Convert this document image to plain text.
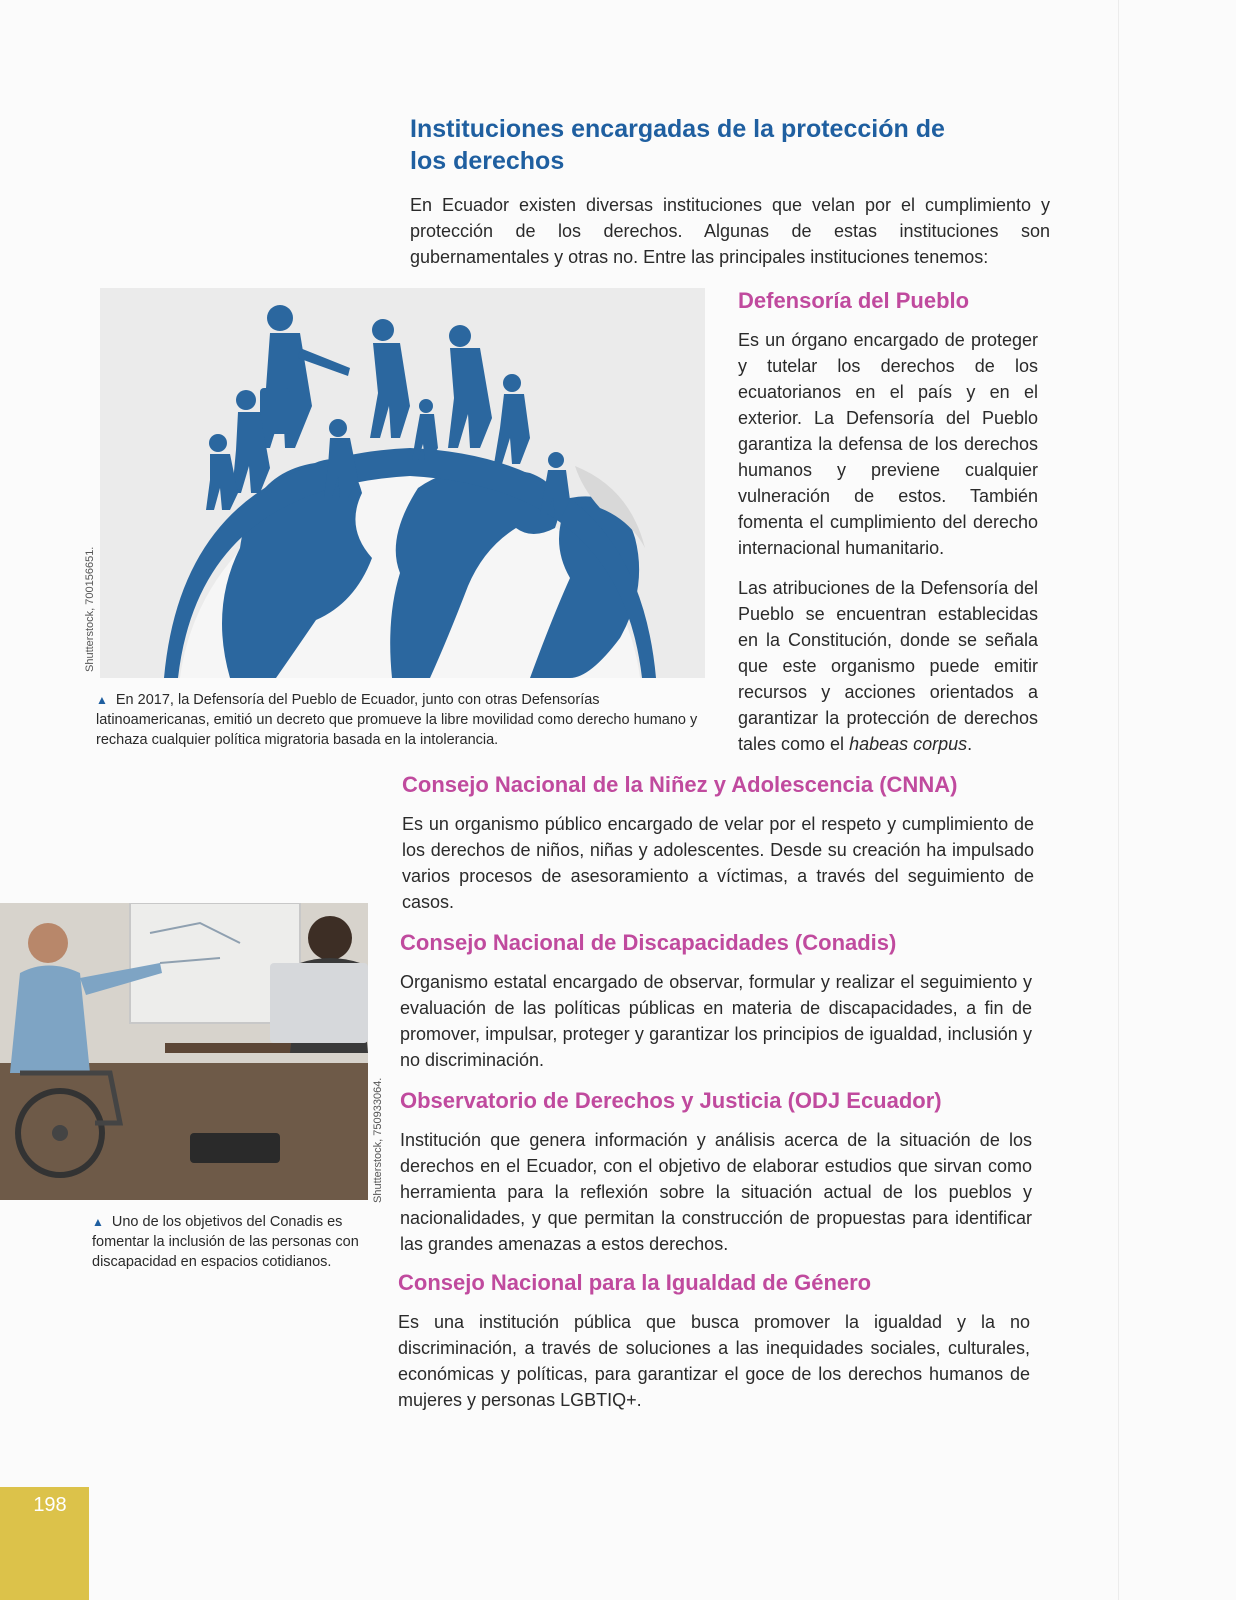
Instituciones encargadas de la protección de los derechos

En Ecuador existen diversas instituciones que velan por el cumplimiento y protección de los derechos. Algunas de estas instituciones son gubernamentales y otras no. Entre las principales instituciones tenemos:

Shutterstock, 700156651.

▲ En 2017, la Defensoría del Pueblo de Ecuador, junto con otras Defensorías latinoamericanas, emitió un decreto que promueve la libre movilidad como derecho humano y rechaza cualquier política migratoria basada en la intolerancia.

Defensoría del Pueblo

Es un órgano encargado de proteger y tutelar los derechos de los ecuatorianos en el país y en el exterior. La Defensoría del Pueblo garantiza la defensa de los derechos humanos y previene cualquier vulneración de estos. También fomenta el cumplimiento del derecho internacional humanitario.

Las atribuciones de la Defensoría del Pueblo se encuentran establecidas en la Constitución, donde se señala que este organismo puede emitir recursos y acciones orientados a garantizar la protección de derechos tales como el habeas corpus.

Consejo Nacional de la Niñez y Adolescencia (CNNA)

Es un organismo público encargado de velar por el respeto y cumplimiento de los derechos de niños, niñas y adolescentes. Desde su creación ha impulsado varios procesos de asesoramiento a víctimas, a través del seguimiento de casos.

Shutterstock, 750933064.

▲ Uno de los objetivos del Conadis es fomentar la inclusión de las personas con discapacidad en espacios cotidianos.

Consejo Nacional de Discapacidades (Conadis)

Organismo estatal encargado de observar, formular y realizar el seguimiento y evaluación de las políticas públicas en materia de discapacidades, a fin de promover, impulsar, proteger y garantizar los principios de igualdad, inclusión y no discriminación.

Observatorio de Derechos y Justicia (ODJ Ecuador)

Institución que genera información y análisis acerca de la situación de los derechos en el Ecuador, con el objetivo de elaborar estudios que sirvan como herramienta para la reflexión sobre la situación actual de los pueblos y nacionalidades, y que permitan la construcción de propuestas para identificar las grandes amenazas a estos derechos.

Consejo Nacional para la Igualdad de Género

Es una institución pública que busca promover la igualdad y la no discriminación, a través de soluciones a las inequidades sociales, culturales, económicas y políticas, para garantizar el goce de los derechos humanos de mujeres y personas LGBTIQ+.

198
